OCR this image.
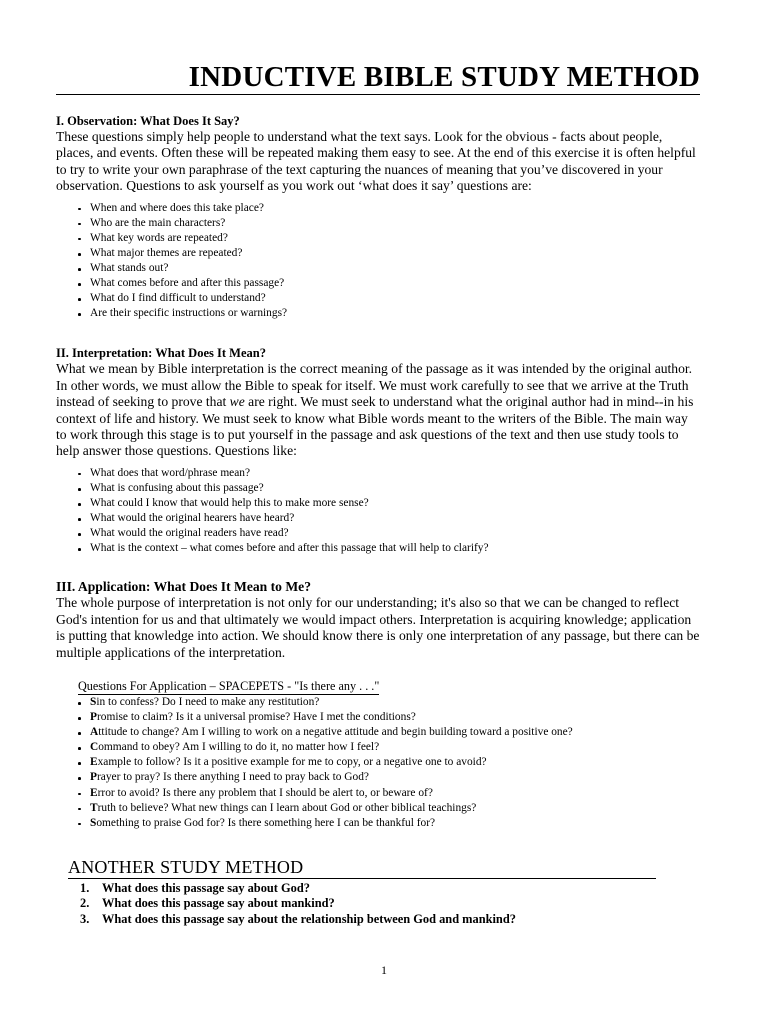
INDUCTIVE BIBLE STUDY METHOD
I. Observation: What Does It Say?
These questions simply help people to understand what the text says. Look for the obvious - facts about people, places, and events. Often these will be repeated making them easy to see. At the end of this exercise it is often helpful to try to write your own paraphrase of the text capturing the nuances of meaning that you’ve discovered in your observation. Questions to ask yourself as you work out ‘what does it say’ questions are:
When and where does this take place?
Who are the main characters?
What key words are repeated?
What major themes are repeated?
What stands out?
What comes before and after this passage?
What do I find difficult to understand?
Are their specific instructions or warnings?
II. Interpretation: What Does It Mean?
What we mean by Bible interpretation is the correct meaning of the passage as it was intended by the original author. In other words, we must allow the Bible to speak for itself. We must work carefully to see that we arrive at the Truth instead of seeking to prove that we are right. We must seek to understand what the original author had in mind--in his context of life and history. We must seek to know what Bible words meant to the writers of the Bible. The main way to work through this stage is to put yourself in the passage and ask questions of the text and then use study tools to help answer those questions. Questions like:
What does that word/phrase mean?
What is confusing about this passage?
What could I know that would help this to make more sense?
What would the original hearers have heard?
What would the original readers have read?
What is the context – what comes before and after this passage that will help to clarify?
III. Application: What Does It Mean to Me?
The whole purpose of interpretation is not only for our understanding; it's also so that we can be changed to reflect God's intention for us and that ultimately we would impact others. Interpretation is acquiring knowledge; application is putting that knowledge into action. We should know there is only one interpretation of any passage, but there can be multiple applications of the interpretation.
Questions For Application – SPACEPETS - "Is there any . . ."
Sin to confess? Do I need to make any restitution?
Promise to claim? Is it a universal promise? Have I met the conditions?
Attitude to change? Am I willing to work on a negative attitude and begin building toward a positive one?
Command to obey? Am I willing to do it, no matter how I feel?
Example to follow? Is it a positive example for me to copy, or a negative one to avoid?
Prayer to pray? Is there anything I need to pray back to God?
Error to avoid? Is there any problem that I should be alert to, or beware of?
Truth to believe? What new things can I learn about God or other biblical teachings?
Something to praise God for? Is there something here I can be thankful for?
ANOTHER STUDY METHOD
1. What does this passage say about God?
2. What does this passage say about mankind?
3. What does this passage say about the relationship between God and mankind?
1
